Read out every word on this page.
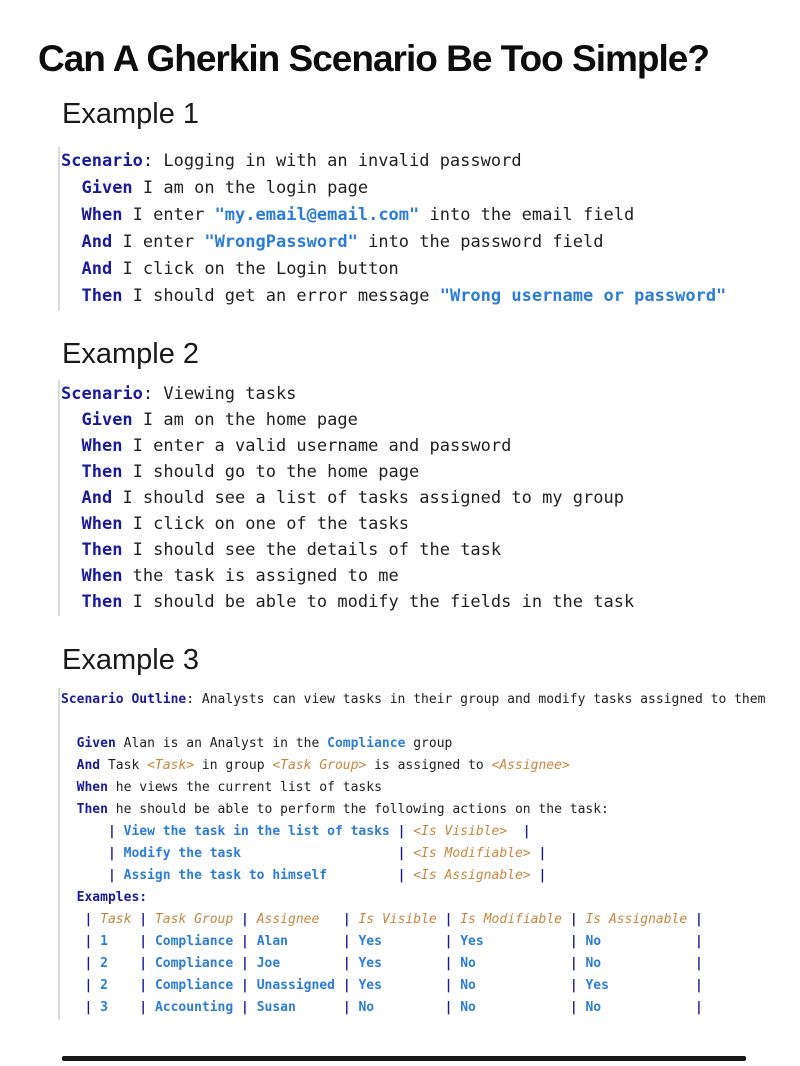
Can A Gherkin Scenario Be Too Simple?
Example 1
Scenario: Logging in with an invalid password
Given I am on the login page
When I enter "my.email@email.com" into the email field
And I enter "WrongPassword" into the password field
And I click on the Login button
Then I should get an error message "Wrong username or password"
Example 2
Scenario: Viewing tasks
Given I am on the home page
When I enter a valid username and password
Then I should go to the home page
And I should see a list of tasks assigned to my group
When I click on one of the tasks
Then I should see the details of the task
When the task is assigned to me
Then I should be able to modify the fields in the task
Example 3
Scenario Outline: Analysts can view tasks in their group and modify tasks assigned to them
Given Alan is an Analyst in the Compliance group
And Task <Task> in group <Task Group> is assigned to <Assignee>
When he views the current list of tasks
Then he should be able to perform the following actions on the task:
| View the task in the list of tasks | <Is Visible> |
| Modify the task	| <Is Modifiable> |
| Assign the task to himself	| <Is Assignable> |
Examples:
| Task | Task Group | Assignee | Is Visible | Is Modifiable | Is Assignable |
| 1 | Compliance | Alan	| Yes	| Yes	| No	|
| 2 | Compliance | Joe	| Yes	| No	| No	|
| 2 | Compliance | Unassigned | Yes	| No	| Yes	|
| 3 | Accounting | Susan	| No	| No	| No	|
